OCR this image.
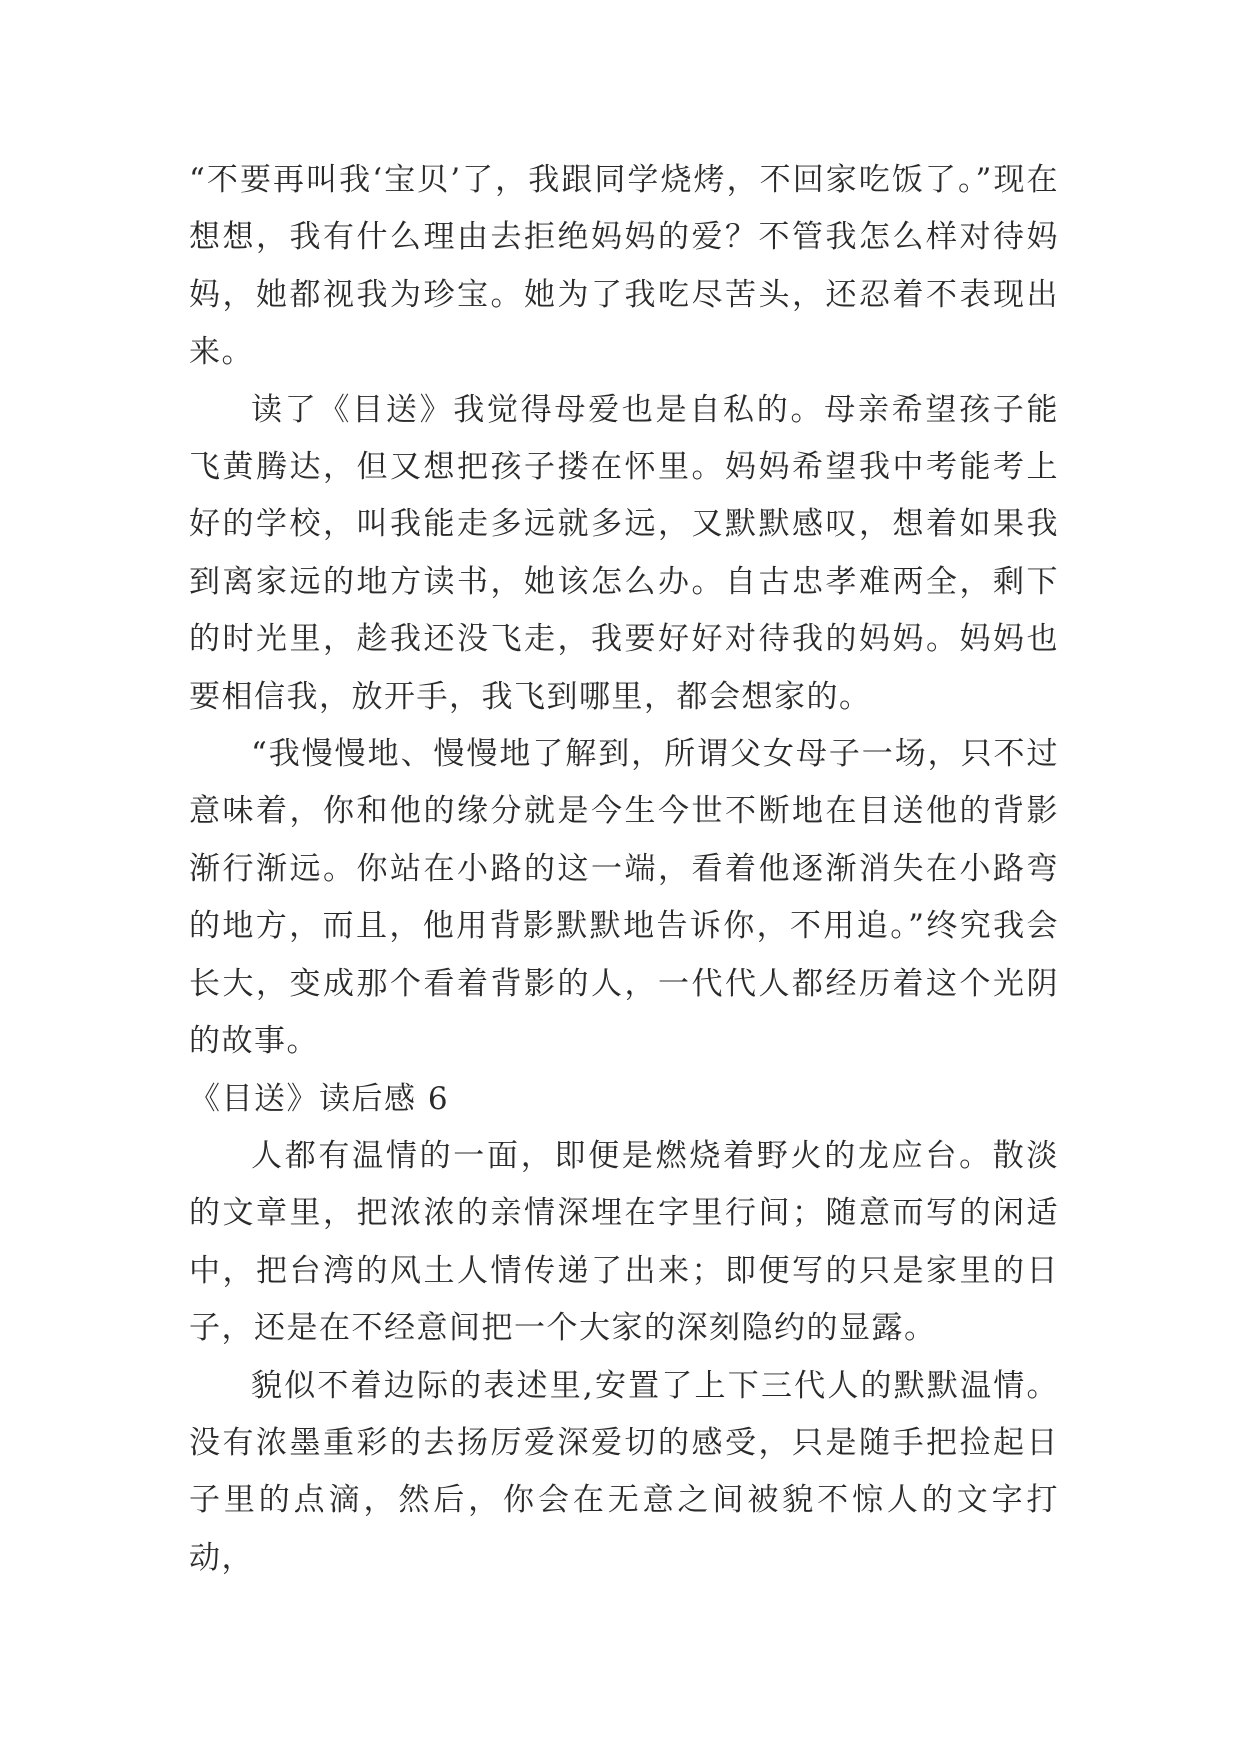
“不要再叫我‘宝贝’了，我跟同学烧烤，不回家吃饭了。”现在想想，我有什么理由去拒绝妈妈的爱？不管我怎么样对待妈妈，她都视我为珍宝。她为了我吃尽苦头，还忍着不表现出来。

读了《目送》我觉得母爱也是自私的。母亲希望孩子能飞黄腾达，但又想把孩子搂在怀里。妈妈希望我中考能考上好的学校，叫我能走多远就多远，又默默感叹，想着如果我到离家远的地方读书，她该怎么办。自古忠孝难两全，剩下的时光里，趁我还没飞走，我要好好对待我的妈妈。妈妈也要相信我，放开手，我飞到哪里，都会想家的。

“我慢慢地、慢慢地了解到，所谓父女母子一场，只不过意味着，你和他的缘分就是今生今世不断地在目送他的背影渐行渐远。你站在小路的这一端，看着他逐渐消失在小路弯的地方，而且，他用背影默默地告诉你，不用追。”终究我会长大，变成那个看着背影的人，一代代人都经历着这个光阴的故事。

《目送》读后感 6

人都有温情的一面，即便是燃烧着野火的龙应台。散淡的文章里，把浓浓的亲情深埋在字里行间；随意而写的闲适中，把台湾的风土人情传递了出来；即便写的只是家里的日子，还是在不经意间把一个大家的深刻隐约的显露。

貌似不着边际的表述里,安置了上下三代人的默默温情。没有浓墨重彩的去扬厉爱深爱切的感受，只是随手把捡起日子里的点滴，然后，你会在无意之间被貌不惊人的文字打动，
